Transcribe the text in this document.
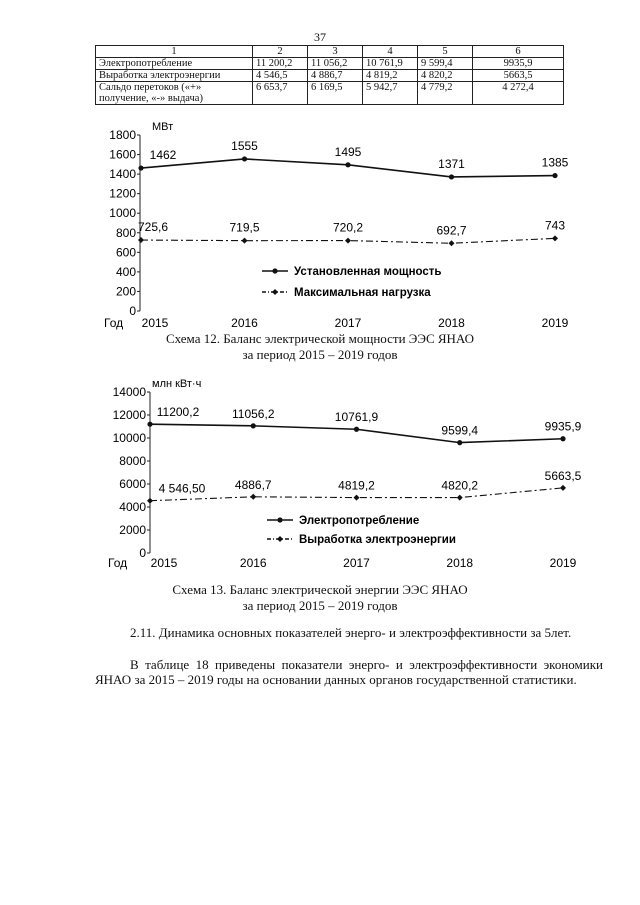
37
1	2	3	4	5	6
Электропотребление	11 200,2	11 056,2	10 761,9	9 599,4	9935,9
Выработка электроэнергии	4 546,5	4 886,7	4 819,2	4 820,2	5663,5
Сальдо перетоков («+» получение, «-» выдача)	6 653,7	6 169,5	5 942,7	4 779,2	4 272,4
0
200
400
600
800
1000
1200
1400
1600
1800
МВт
Год 2015	2016	2017	2018	2019
1462
1555	1495
1371	1385
725,6	719,5	720,2	692,7	743
Установленная мощность
Максимальная нагрузка
Схема 12. Баланс электрической мощности ЭЭС ЯНАО
за период 2015 – 2019 годов
0
2000
4000
6000
8000
10000
12000
14000
млн кВт·ч
Год 2015	2016	2017	2018	2019
11200,2	11056,2	10761,9
9599,4	9935,9
4 546,50 4886,7	4819,2	4820,2
5663,5
Электропотребление
Выработка электроэнергии
Схема 13. Баланс электрической энергии ЭЭС ЯНАО
за период 2015 – 2019 годов
2.11. Динамика основных показателей энерго- и электроэффективности за 5лет.
В таблице 18 приведены показатели энерго- и электроэффективности экономики ЯНАО за 2015 – 2019 годы на основании данных органов государственной статистики.
